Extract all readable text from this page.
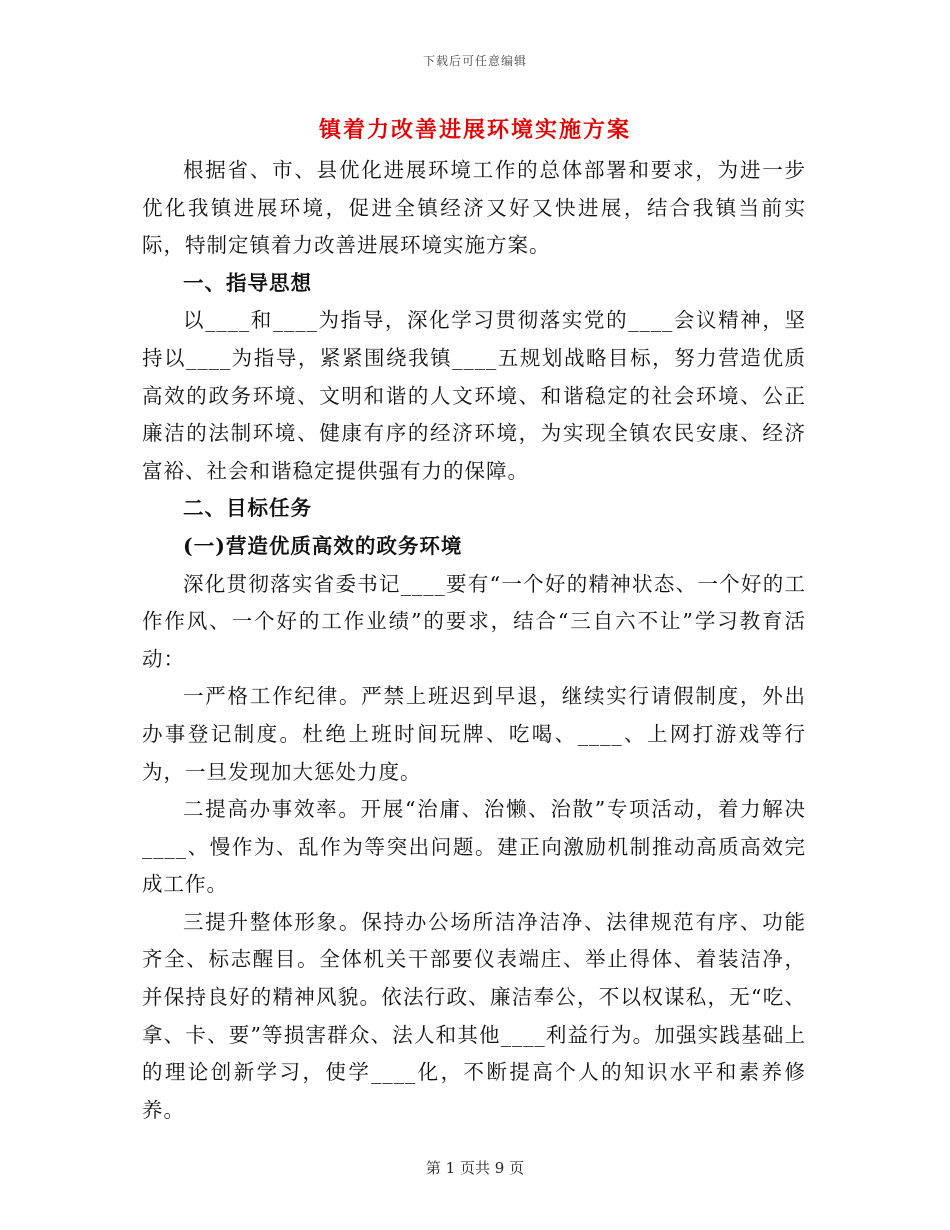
下载后可任意编辑
镇着力改善进展环境实施方案

根据省、市、县优化进展环境工作的总体部署和要求，为进一步优化我镇进展环境，促进全镇经济又好又快进展，结合我镇当前实际，特制定镇着力改善进展环境实施方案。

一、指导思想

以____和____为指导，深化学习贯彻落实党的____会议精神，坚持以____为指导，紧紧围绕我镇____五规划战略目标，努力营造优质高效的政务环境、文明和谐的人文环境、和谐稳定的社会环境、公正廉洁的法制环境、健康有序的经济环境，为实现全镇农民安康、经济富裕、社会和谐稳定提供强有力的保障。

二、目标任务

(一)营造优质高效的政务环境

深化贯彻落实省委书记____要有“一个好的精神状态、一个好的工作作风、一个好的工作业绩”的要求，结合“三自六不让”学习教育活动：

一严格工作纪律。严禁上班迟到早退，继续实行请假制度，外出办事登记制度。杜绝上班时间玩牌、吃喝、____、上网打游戏等行为，一旦发现加大惩处力度。

二提高办事效率。开展“治庸、治懒、治散”专项活动，着力解决____、慢作为、乱作为等突出问题。建正向激励机制推动高质高效完成工作。

三提升整体形象。保持办公场所洁净洁净、法律规范有序、功能齐全、标志醒目。全体机关干部要仪表端庄、举止得体、着装洁净，并保持良好的精神风貌。依法行政、廉洁奉公，不以权谋私，无“吃、拿、卡、要”等损害群众、法人和其他____利益行为。加强实践基础上的理论创新学习，使学____化，不断提高个人的知识水平和素养修养。

第 1 页共 9 页
